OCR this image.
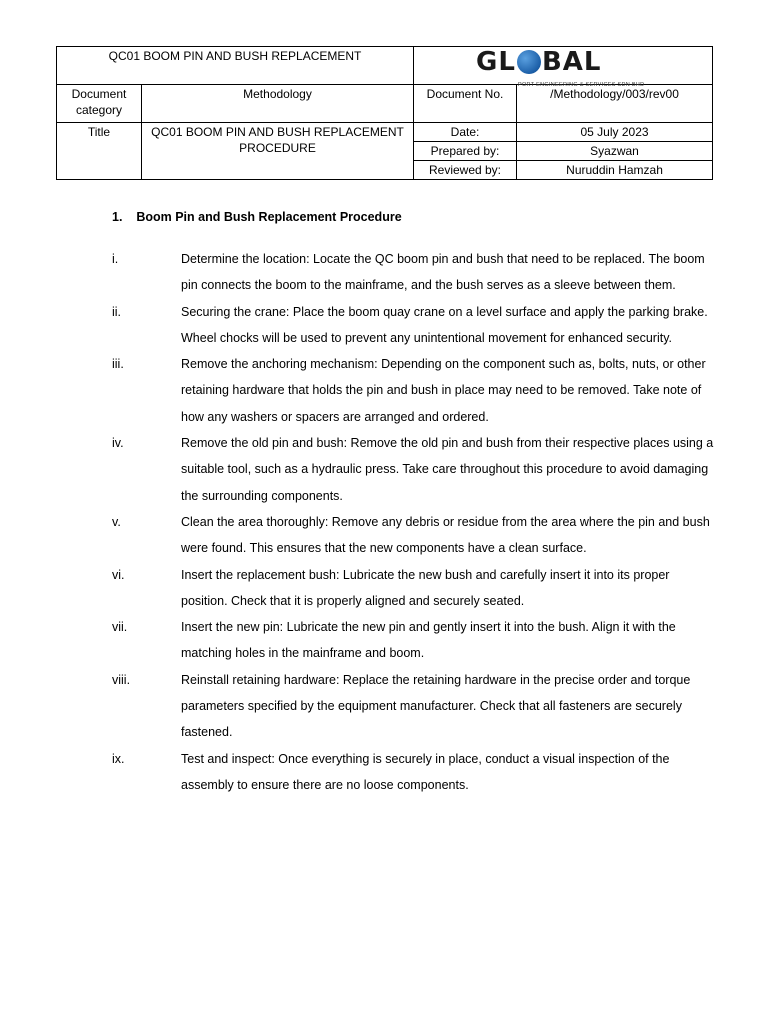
QC01 BOOM PIN AND BUSH REPLACEMENT		GL BAL
PORT ENGINEERING & SERVICES SDN BHD	

Document category	Methodology	Document No.	/Methodology/003/rev00
Title	QC01 BOOM PIN AND BUSH REPLACEMENT PROCEDURE	Date:	05 July 2023
		Prepared by:	Syazwan
		Reviewed by:	Nuruddin Hamzah
1.    Boom Pin and Bush Replacement Procedure
i.	Determine the location: Locate the QC boom pin and bush that need to be replaced. The boom pin connects the boom to the mainframe, and the bush serves as a sleeve between them.
ii.	Securing the crane: Place the boom quay crane on a level surface and apply the parking brake. Wheel chocks will be used to prevent any unintentional movement for enhanced security.
iii.	Remove the anchoring mechanism: Depending on the component such as, bolts, nuts, or other retaining hardware that holds the pin and bush in place may need to be removed. Take note of how any washers or spacers are arranged and ordered.
iv.	Remove the old pin and bush: Remove the old pin and bush from their respective places using a suitable tool, such as a hydraulic press. Take care throughout this procedure to avoid damaging the surrounding components.
v.	Clean the area thoroughly: Remove any debris or residue from the area where the pin and bush were found. This ensures that the new components have a clean surface.
vi.	Insert the replacement bush: Lubricate the new bush and carefully insert it into its proper position. Check that it is properly aligned and securely seated.
vii.	Insert the new pin: Lubricate the new pin and gently insert it into the bush. Align it with the matching holes in the mainframe and boom.
viii.	Reinstall retaining hardware: Replace the retaining hardware in the precise order and torque parameters specified by the equipment manufacturer. Check that all fasteners are securely fastened.
ix.	Test and inspect: Once everything is securely in place, conduct a visual inspection of the assembly to ensure there are no loose components.
